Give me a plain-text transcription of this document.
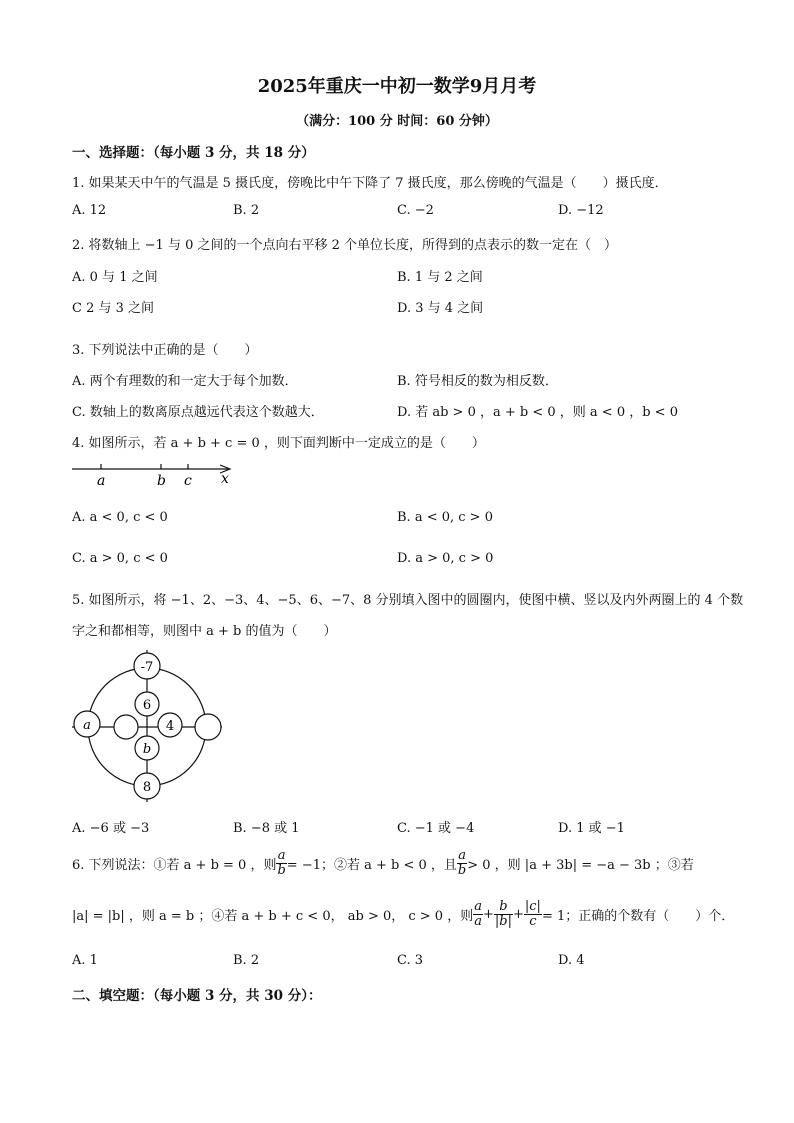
2025年重庆一中初一数学9月月考
（满分：100 分 时间：60 分钟）
一、选择题：（每小题 3 分，共 18 分）
1. 如果某天中午的气温是 5 摄氏度，傍晚比中午下降了 7 摄氏度，那么傍晚的气温是（　　）摄氏度．
A. 12	B. 2	C. −2	D. −12
2. 将数轴上 −1 与 0 之间的一个点向右平移 2 个单位长度，所得到的点表示的数一定在（　）
A. 0 与 1 之间	B. 1 与 2 之间
C 2 与 3 之间	D. 3 与 4 之间
3. 下列说法中正确的是（　　）
A. 两个有理数的和一定大于每个加数．	B. 符号相反的数为相反数．
C. 数轴上的数离原点越远代表这个数越大．	D. 若 ab > 0 ，a + b < 0 ，则 a < 0 ，b < 0
4. 如图所示，若 a + b + c = 0 ，则下面判断中一定成立的是（　　）
a	b c x
A. a < 0, c < 0	B. a < 0, c > 0
C. a > 0, c < 0	D. a > 0, c > 0
5. 如图所示，将 −1、2、−3、4、−5、6、−7、8 分别填入图中的圆圈内，使图中横、竖以及内外两圈上的 4 个数
字之和都相等，则图中 a + b 的值为（　　）
-7
6
a	4
b
8
A. −6 或 −3	B. −8 或 1	C. −1 或 −4	D. 1 或 −1
6. 下列说法：①若 a + b = 0 ，则 $\frac{a}{b} = -1$；②若 a + b < 0 ，且 $\frac{a}{b} > 0$ ，则 |a + 3b| = −a − 3b ；③若
|a| = |b| ，则 a = b ；④若 a + b + c < 0， ab > 0， c > 0 ，则 $\frac{a}{a} + \frac{b}{|b|} + \frac{|c|}{c} = 1$；正确的个数有（　　）个．
A. 1	B. 2	C. 3	D. 4
二、填空题：（每小题 3 分，共 30 分）：
